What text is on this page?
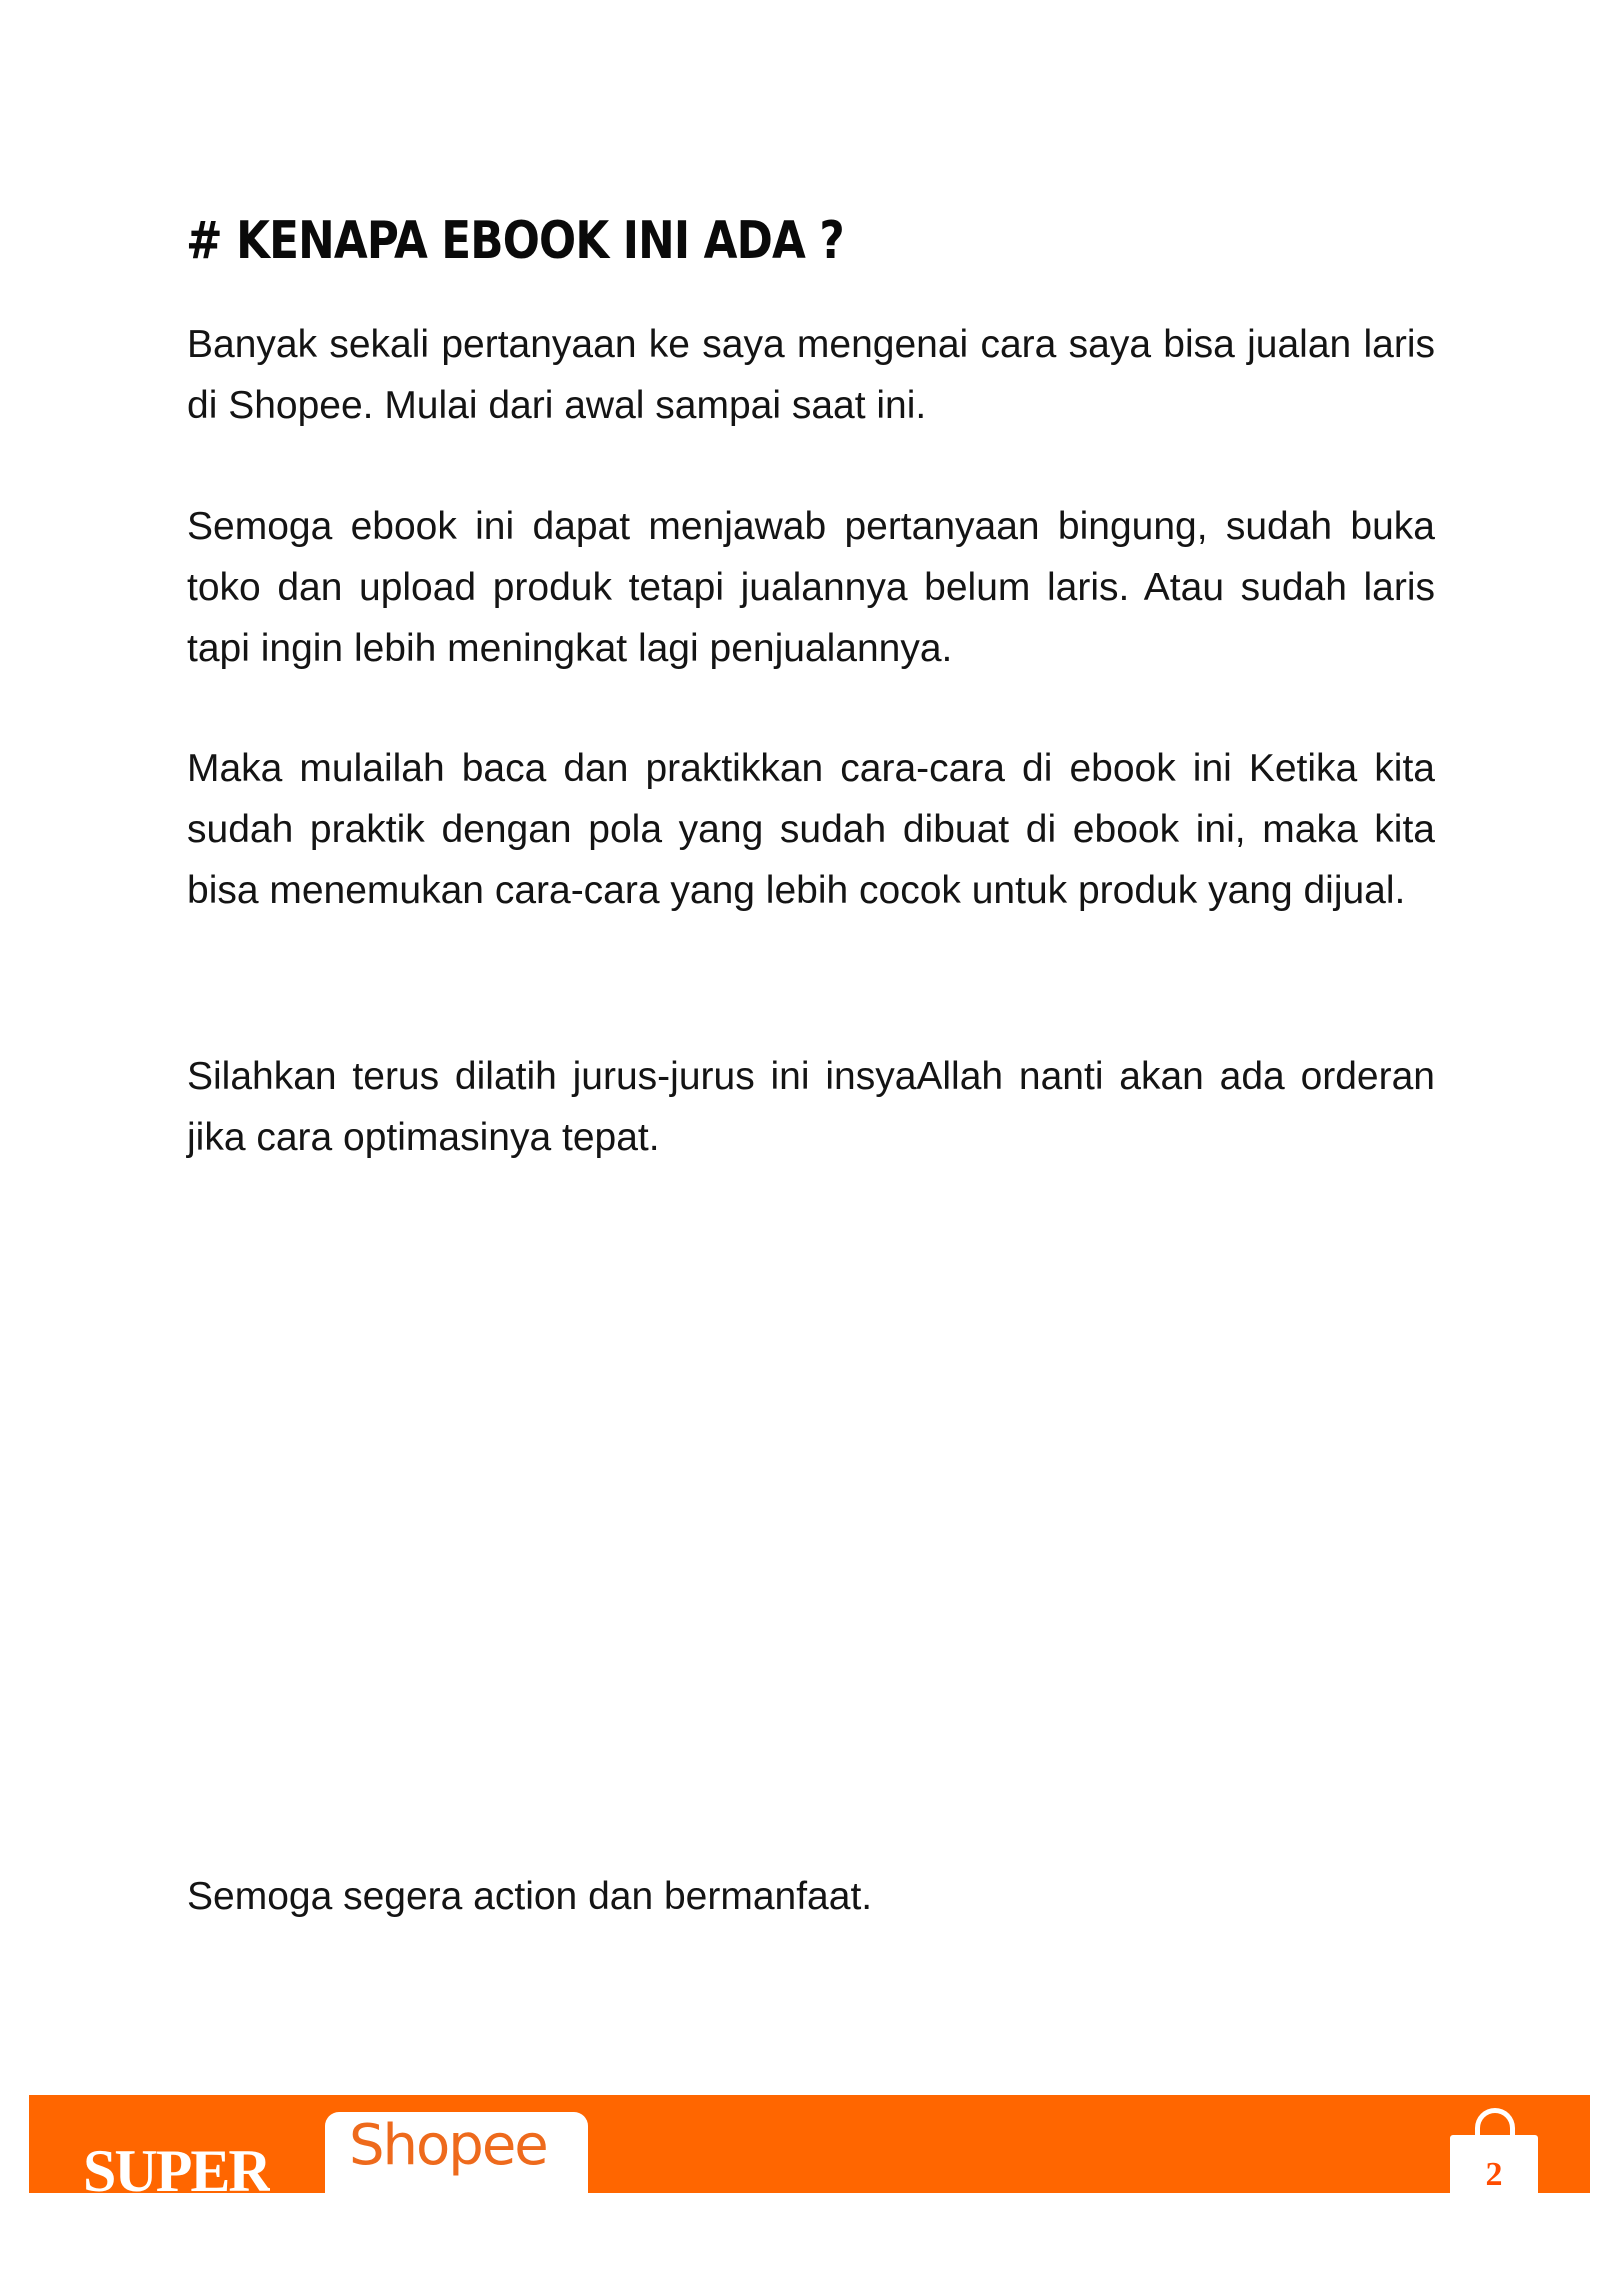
# KENAPA EBOOK INI ADA ?

Banyak sekali pertanyaan ke saya mengenai cara saya bisa jualan laris di Shopee. Mulai dari awal sampai saat ini.

Semoga ebook ini dapat menjawab pertanyaan bingung, sudah buka toko dan upload produk tetapi jualannya belum laris. Atau sudah laris tapi ingin lebih meningkat lagi penjualannya.

Maka mulailah baca dan praktikkan cara-cara di ebook ini Ketika kita sudah praktik dengan pola yang sudah dibuat di ebook ini, maka kita bisa menemukan cara-cara yang lebih cocok untuk produk yang dijual.

Silahkan terus dilatih jurus-jurus ini insyaAllah nanti akan ada orderan jika cara optimasinya tepat.

Semoga segera action dan bermanfaat.
SUPER Shopee	2
